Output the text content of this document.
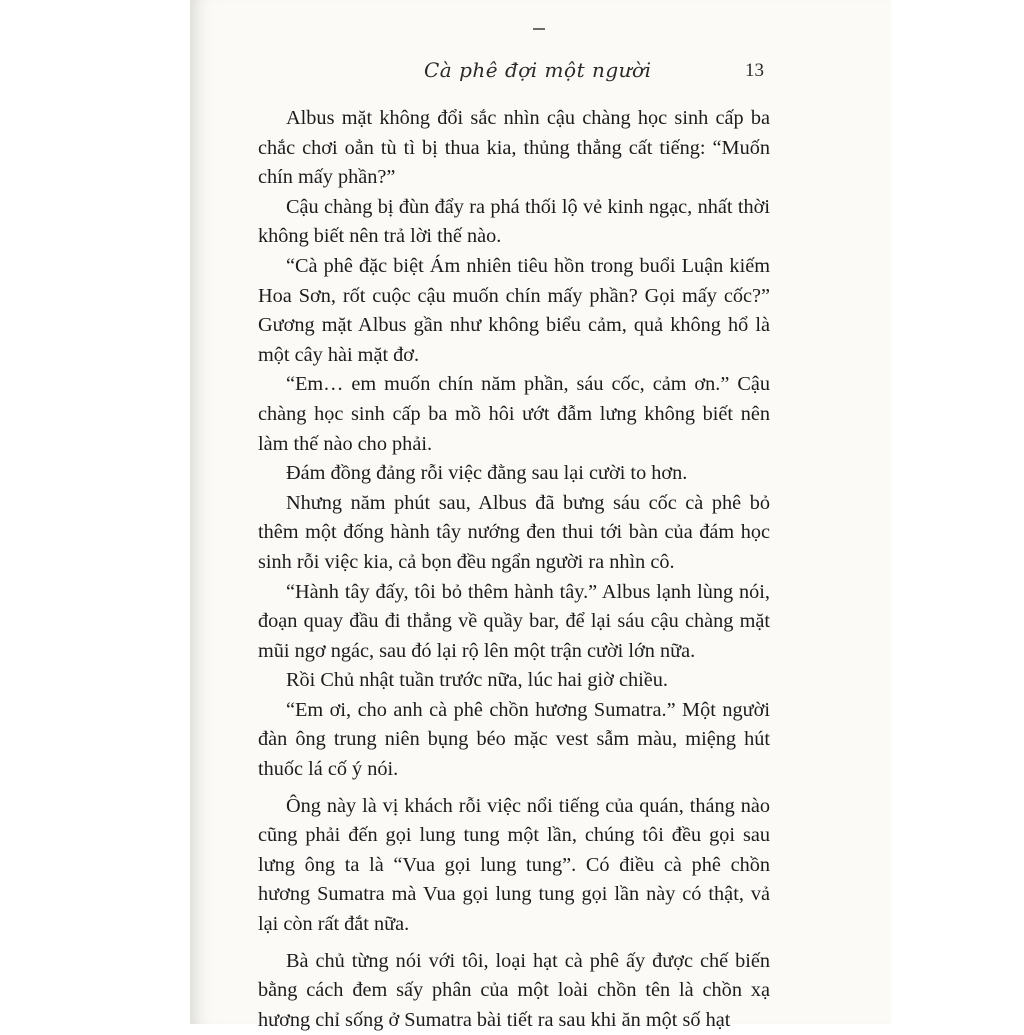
Cà phê đợi một người	13

Albus mặt không đổi sắc nhìn cậu chàng học sinh cấp ba chắc chơi oẳn tù tì bị thua kia, thủng thẳng cất tiếng: “Muốn chín mấy phần?”

Cậu chàng bị đùn đẩy ra phá thối lộ vẻ kinh ngạc, nhất thời không biết nên trả lời thế nào.

“Cà phê đặc biệt Ám nhiên tiêu hồn trong buổi Luận kiếm Hoa Sơn, rốt cuộc cậu muốn chín mấy phần? Gọi mấy cốc?” Gương mặt Albus gần như không biểu cảm, quả không hổ là một cây hài mặt đơ.

“Em… em muốn chín năm phần, sáu cốc, cảm ơn.” Cậu chàng học sinh cấp ba mồ hôi ướt đẫm lưng không biết nên làm thế nào cho phải.

Đám đồng đảng rỗi việc đằng sau lại cười to hơn.

Nhưng năm phút sau, Albus đã bưng sáu cốc cà phê bỏ thêm một đống hành tây nướng đen thui tới bàn của đám học sinh rỗi việc kia, cả bọn đều ngẩn người ra nhìn cô.

“Hành tây đấy, tôi bỏ thêm hành tây.” Albus lạnh lùng nói, đoạn quay đầu đi thẳng về quầy bar, để lại sáu cậu chàng mặt mũi ngơ ngác, sau đó lại rộ lên một trận cười lớn nữa.

Rồi Chủ nhật tuần trước nữa, lúc hai giờ chiều.

“Em ơi, cho anh cà phê chồn hương Sumatra.” Một người đàn ông trung niên bụng béo mặc vest sẫm màu, miệng hút thuốc lá cố ý nói.

Ông này là vị khách rỗi việc nổi tiếng của quán, tháng nào cũng phải đến gọi lung tung một lần, chúng tôi đều gọi sau lưng ông ta là “Vua gọi lung tung”. Có điều cà phê chồn hương Sumatra mà Vua gọi lung tung gọi lần này có thật, vả lại còn rất đắt nữa.

Bà chủ từng nói với tôi, loại hạt cà phê ấy được chế biến bằng cách đem sấy phân của một loài chồn tên là chồn xạ hương chỉ sống ở Sumatra bài tiết ra sau khi ăn một số hạt
